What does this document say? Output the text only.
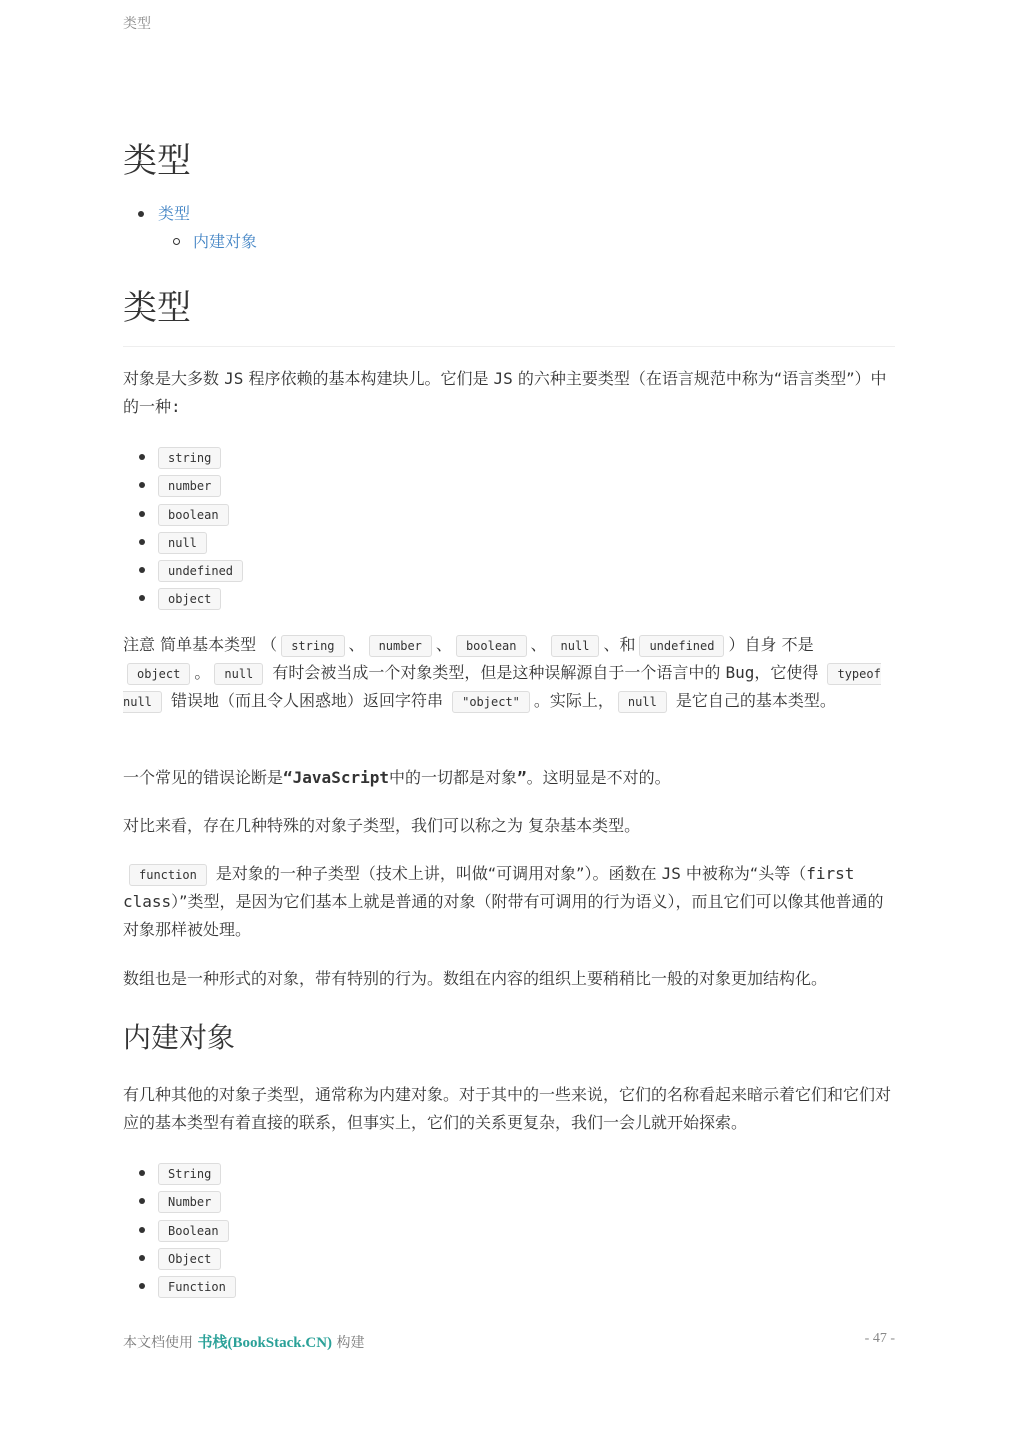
类型
类型
类型
内建对象
类型

对象是大多数 JS 程序依赖的基本构建块儿。它们是 JS 的六种主要类型（在语言规范中称为“语言类型”）中的一种:

string
number
boolean
null
undefined
object

注意 简单基本类型 （ string 、 number 、 boolean 、 null 、和 undefined ）自身 不是 object 。 null 有时会被当成一个对象类型，但是这种误解源自于一个语言中的 Bug，它使得 typeof null 错误地（而且令人困惑地）返回字符串 "object" 。实际上， null 是它自己的基本类型。

一个常见的错误论断是“JavaScript中的一切都是对象”。这明显是不对的。

对比来看，存在几种特殊的对象子类型，我们可以称之为 复杂基本类型。

function 是对象的一种子类型（技术上讲，叫做“可调用对象”）。函数在 JS 中被称为“头等（first class）”类型，是因为它们基本上就是普通的对象（附带有可调用的行为语义），而且它们可以像其他普通的对象那样被处理。

数组也是一种形式的对象，带有特别的行为。数组在内容的组织上要稍稍比一般的对象更加结构化。

内建对象

有几种其他的对象子类型，通常称为内建对象。对于其中的一些来说，它们的名称看起来暗示着它们和它们对应的基本类型有着直接的联系，但事实上，它们的关系更复杂，我们一会儿就开始探索。

String
Number
Boolean
Object
Function
本文档使用 书栈(BookStack.CN) 构建	- 47 -
